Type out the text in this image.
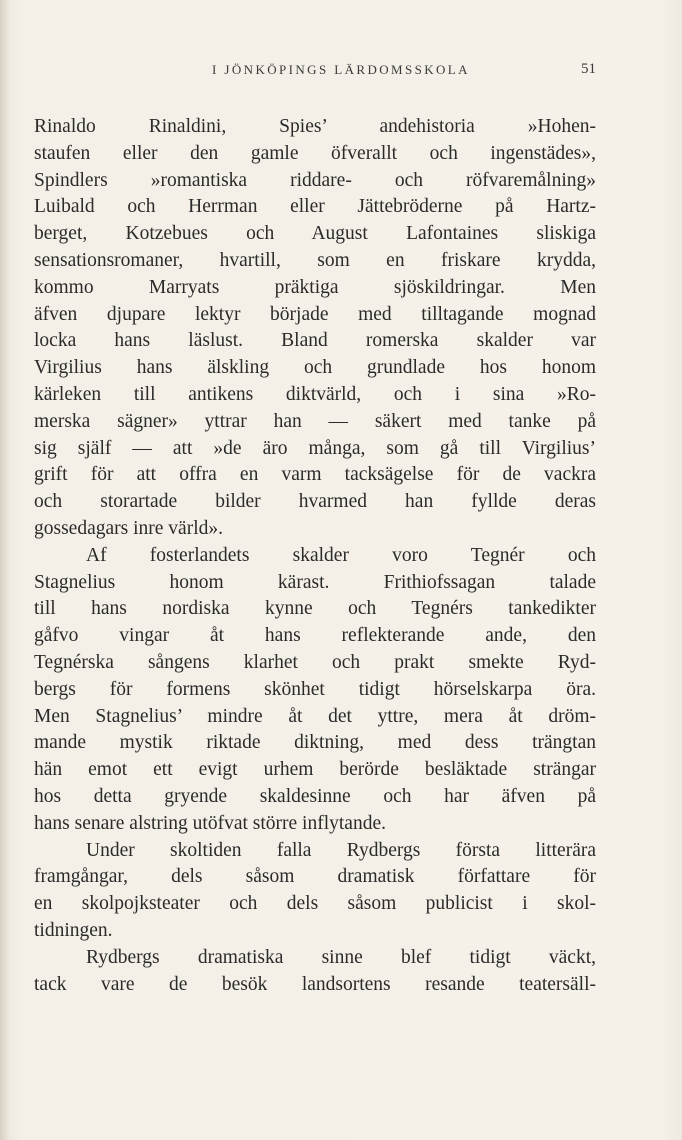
I JÖNKÖPINGS LÄRDOMSSKOLA	51
Rinaldo Rinaldini, Spies’ andehistoria »Hohen-
staufen eller den gamle öfverallt och ingenstädes»,
Spindlers »romantiska riddare- och röfvaremålning»
Luibald och Herrman eller Jättebröderne på Hartz-
berget, Kotzebues och August Lafontaines sliskiga
sensationsromaner, hvartill, som en friskare krydda,
kommo Marryats präktiga sjöskildringar. Men
äfven djupare lektyr började med tilltagande mognad
locka hans läslust. Bland romerska skalder var
Virgilius hans älskling och grundlade hos honom
kärleken till antikens diktvärld, och i sina »Ro-
merska sägner» yttrar han — säkert med tanke på
sig själf — att »de äro många, som gå till Virgilius’
grift för att offra en varm tacksägelse för de vackra
och storartade bilder hvarmed han fyllde deras
gossedagars inre värld».
Af fosterlandets skalder voro Tegnér och
Stagnelius honom kärast. Frithiofssagan talade
till hans nordiska kynne och Tegnérs tankedikter
gåfvo vingar åt hans reflekterande ande, den
Tegnérska sångens klarhet och prakt smekte Ryd-
bergs för formens skönhet tidigt hörselskarpa öra.
Men Stagnelius’ mindre åt det yttre, mera åt dröm-
mande mystik riktade diktning, med dess trängtan
hän emot ett evigt urhem berörde besläktade strängar
hos detta gryende skaldesinne och har äfven på
hans senare alstring utöfvat större inflytande.
Under skoltiden falla Rydbergs första litterära
framgångar, dels såsom dramatisk författare för
en skolpojksteater och dels såsom publicist i skol-
tidningen.
Rydbergs dramatiska sinne blef tidigt väckt,
tack vare de besök landsortens resande teatersäll-
